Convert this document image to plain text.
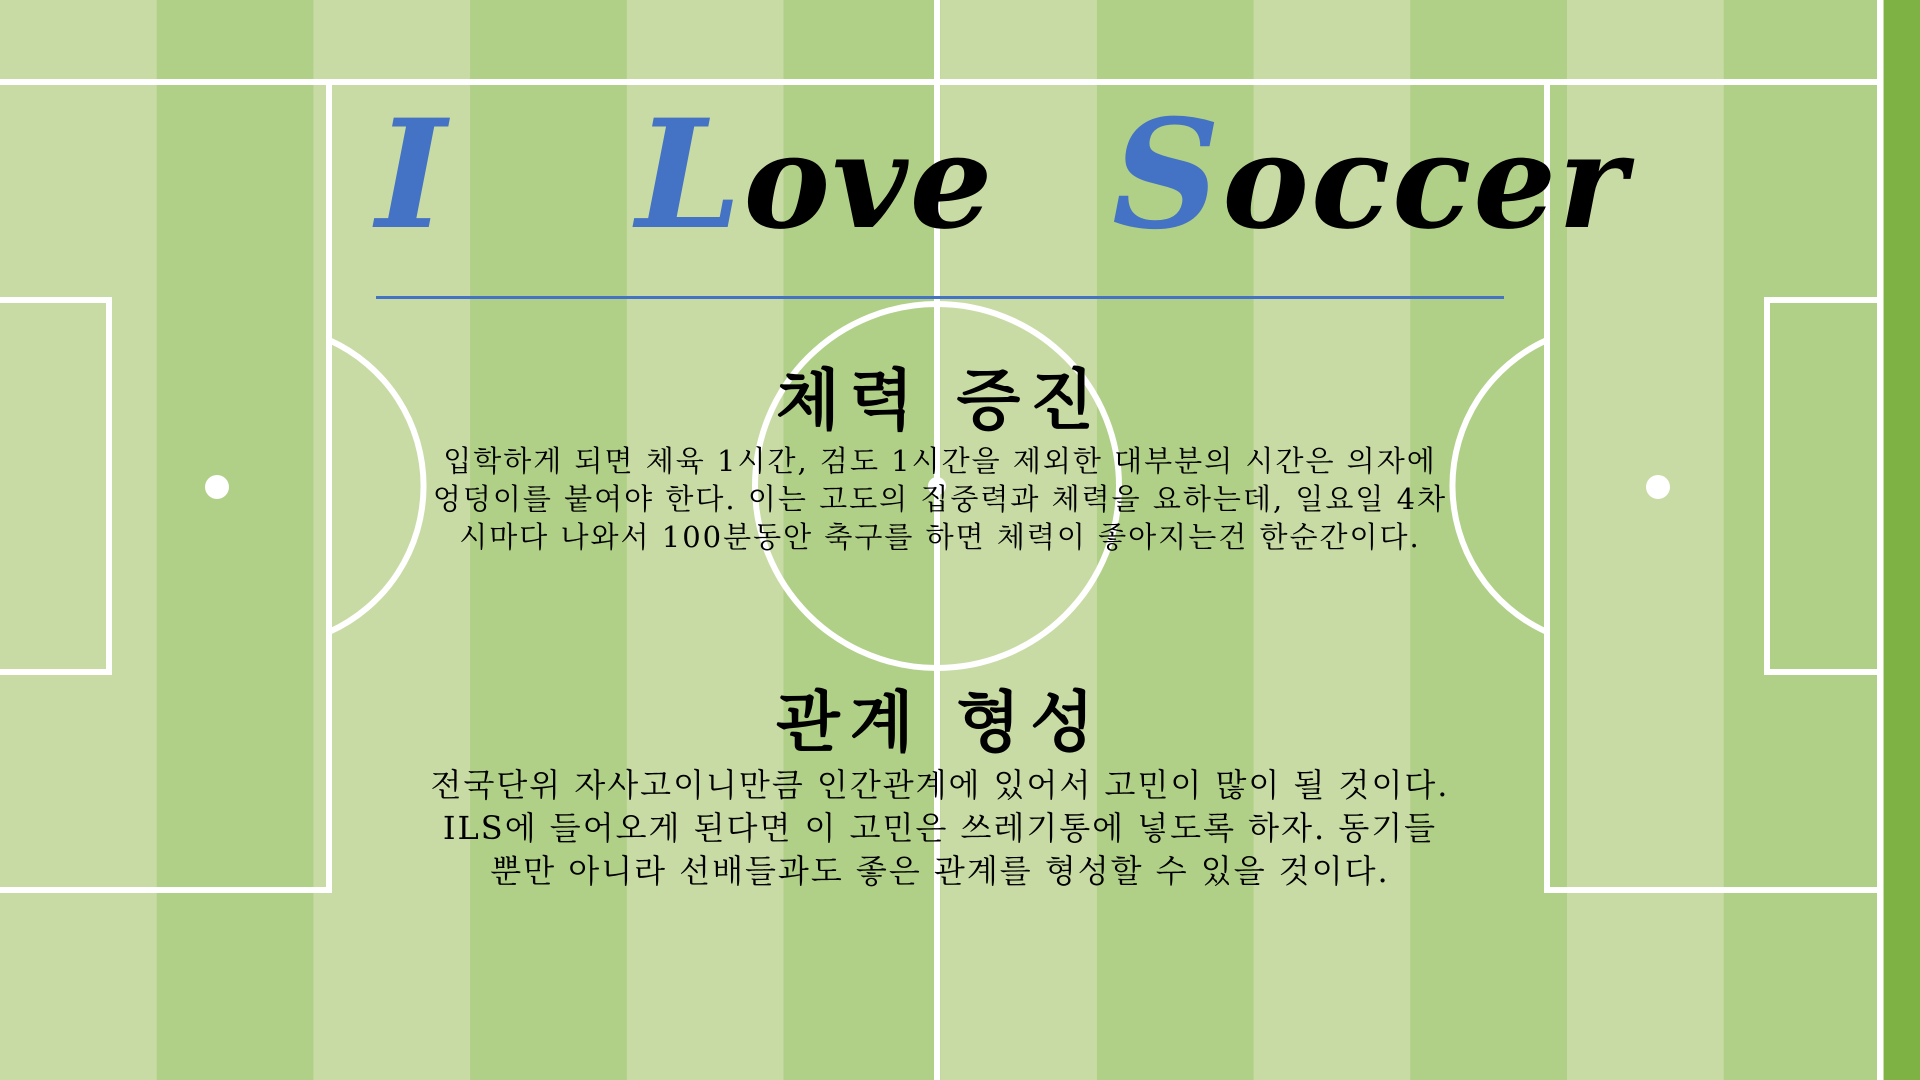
I Love Soccer
체력 증진
입학하게 되면 체육 1시간, 검도 1시간을 제외한 대부분의 시간은 의자에 엉덩이를 붙여야 한다. 이는 고도의 집중력과 체력을 요하는데, 일요일 4차시마다 나와서 100분동안 축구를 하면 체력이 좋아지는건 한순간이다.
관계 형성
전국단위 자사고이니만큼 인간관계에 있어서 고민이 많이 될 것이다. ILS에 들어오게 된다면 이 고민은 쓰레기통에 넣도록 하자. 동기들뿐만 아니라 선배들과도 좋은 관계를 형성할 수 있을 것이다.
